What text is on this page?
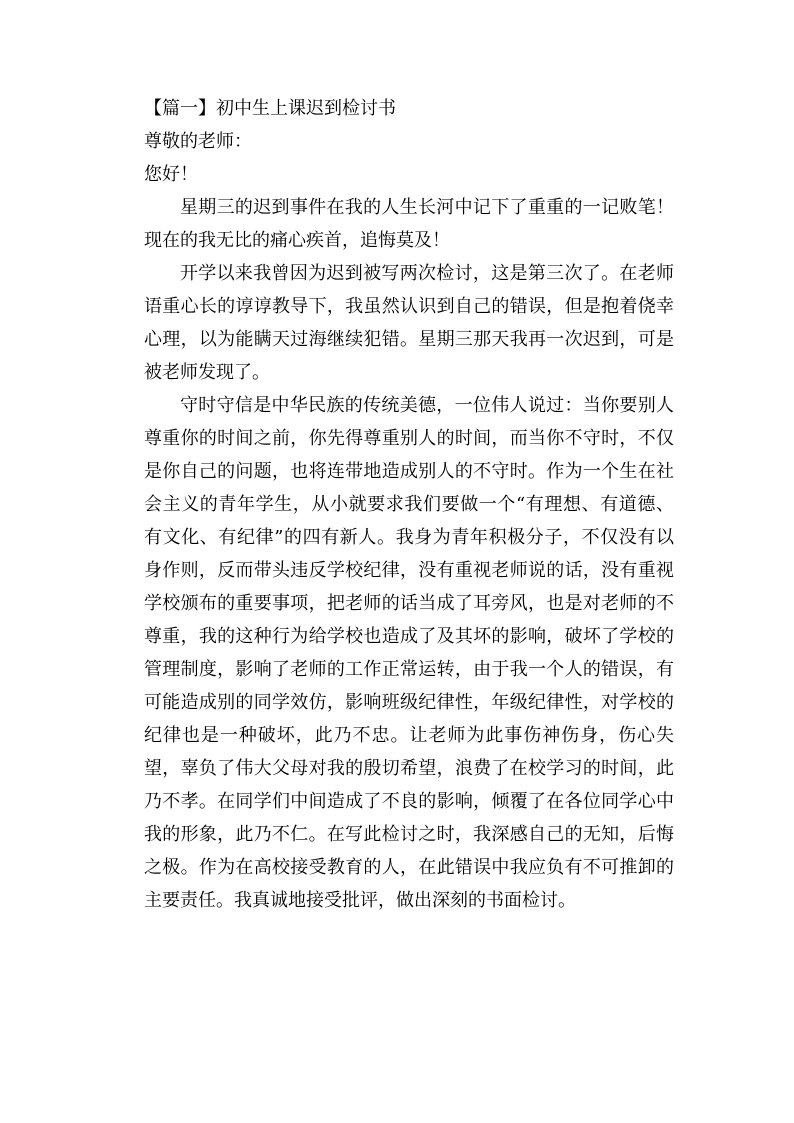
【篇一】初中生上课迟到检讨书

尊敬的老师：

您好！

星期三的迟到事件在我的人生长河中记下了重重的一记败笔！现在的我无比的痛心疾首，追悔莫及！

开学以来我曾因为迟到被写两次检讨，这是第三次了。在老师语重心长的谆谆教导下，我虽然认识到自己的错误，但是抱着侥幸心理，以为能瞒天过海继续犯错。星期三那天我再一次迟到，可是被老师发现了。

守时守信是中华民族的传统美德，一位伟人说过：当你要别人尊重你的时间之前，你先得尊重别人的时间，而当你不守时，不仅是你自己的问题，也将连带地造成别人的不守时。作为一个生在社会主义的青年学生，从小就要求我们要做一个“有理想、有道德、有文化、有纪律”的四有新人。我身为青年积极分子，不仅没有以身作则，反而带头违反学校纪律，没有重视老师说的话，没有重视学校颁布的重要事项，把老师的话当成了耳旁风，也是对老师的不尊重，我的这种行为给学校也造成了及其坏的影响，破坏了学校的管理制度，影响了老师的工作正常运转，由于我一个人的错误，有可能造成别的同学效仿，影响班级纪律性，年级纪律性，对学校的纪律也是一种破坏，此乃不忠。让老师为此事伤神伤身，伤心失望，辜负了伟大父母对我的殷切希望，浪费了在校学习的时间，此乃不孝。在同学们中间造成了不良的影响，倾覆了在各位同学心中我的形象，此乃不仁。在写此检讨之时，我深感自己的无知，后悔之极。作为在高校接受教育的人，在此错误中我应负有不可推卸的主要责任。我真诚地接受批评，做出深刻的书面检讨。
